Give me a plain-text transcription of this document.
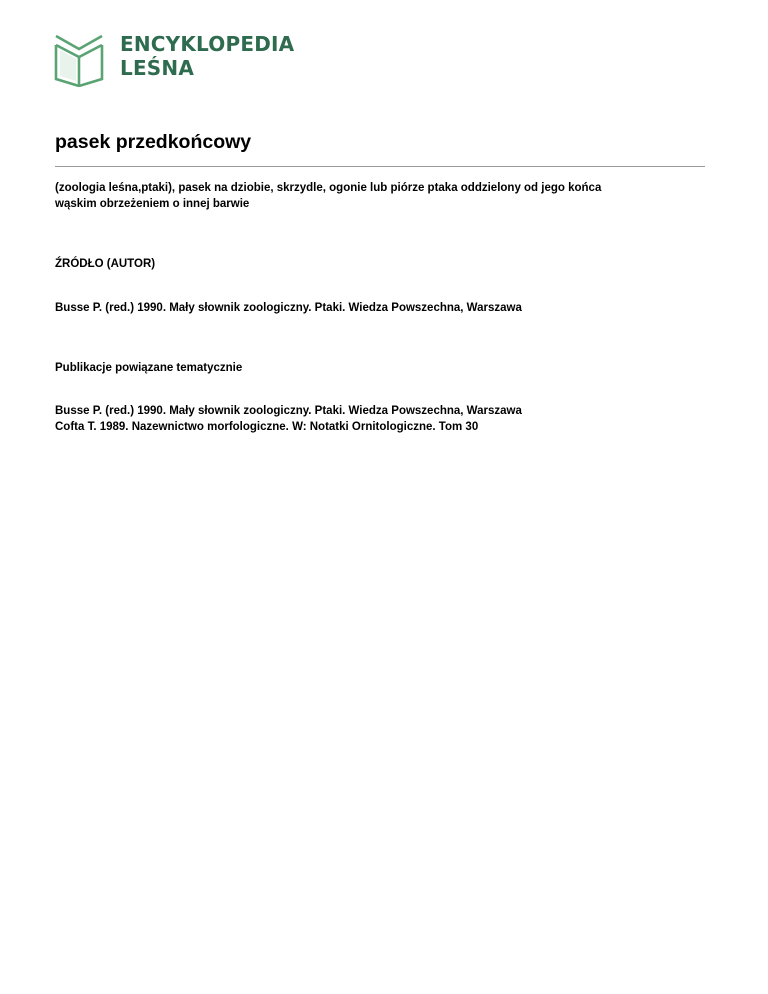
ENCYKLOPEDIA
LEŚNA
pasek przedkońcowy
(zoologia leśna,ptaki), pasek na dziobie, skrzydle, ogonie lub piórze ptaka oddzielony od jego końca
wąskim obrzeżeniem o innej barwie
ŹRÓDŁO (AUTOR)
Busse P. (red.) 1990. Mały słownik zoologiczny. Ptaki. Wiedza Powszechna, Warszawa
Publikacje powiązane tematycznie
Busse P. (red.) 1990. Mały słownik zoologiczny. Ptaki. Wiedza Powszechna, Warszawa
Cofta T. 1989. Nazewnictwo morfologiczne. W: Notatki Ornitologiczne. Tom 30
